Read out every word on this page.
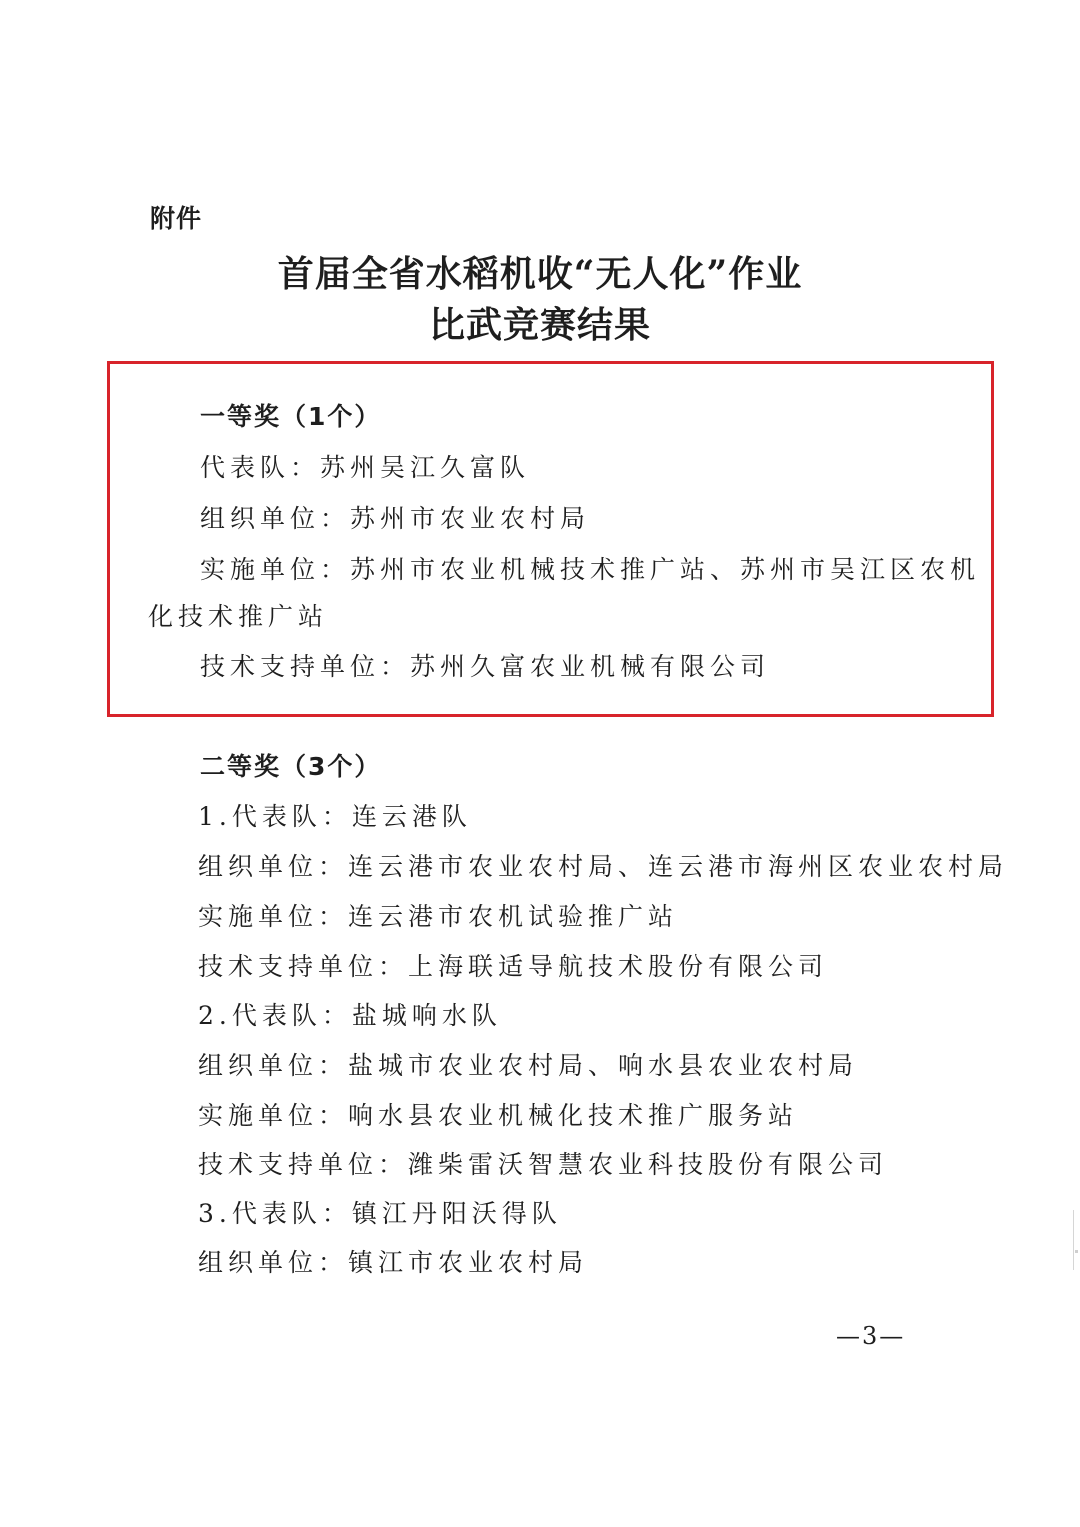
附件
首届全省水稻机收“无人化”作业
比武竞赛结果
一等奖（1个）
代表队：苏州吴江久富队
组织单位：苏州市农业农村局
实施单位：苏州市农业机械技术推广站、苏州市吴江区农机
化技术推广站
技术支持单位：苏州久富农业机械有限公司
二等奖（3个）
1.代表队：连云港队
组织单位：连云港市农业农村局、连云港市海州区农业农村局
实施单位：连云港市农机试验推广站
技术支持单位：上海联适导航技术股份有限公司
2.代表队：盐城响水队
组织单位：盐城市农业农村局、响水县农业农村局
实施单位：响水县农业机械化技术推广服务站
技术支持单位：潍柴雷沃智慧农业科技股份有限公司
3.代表队：镇江丹阳沃得队
组织单位：镇江市农业农村局
—3—
